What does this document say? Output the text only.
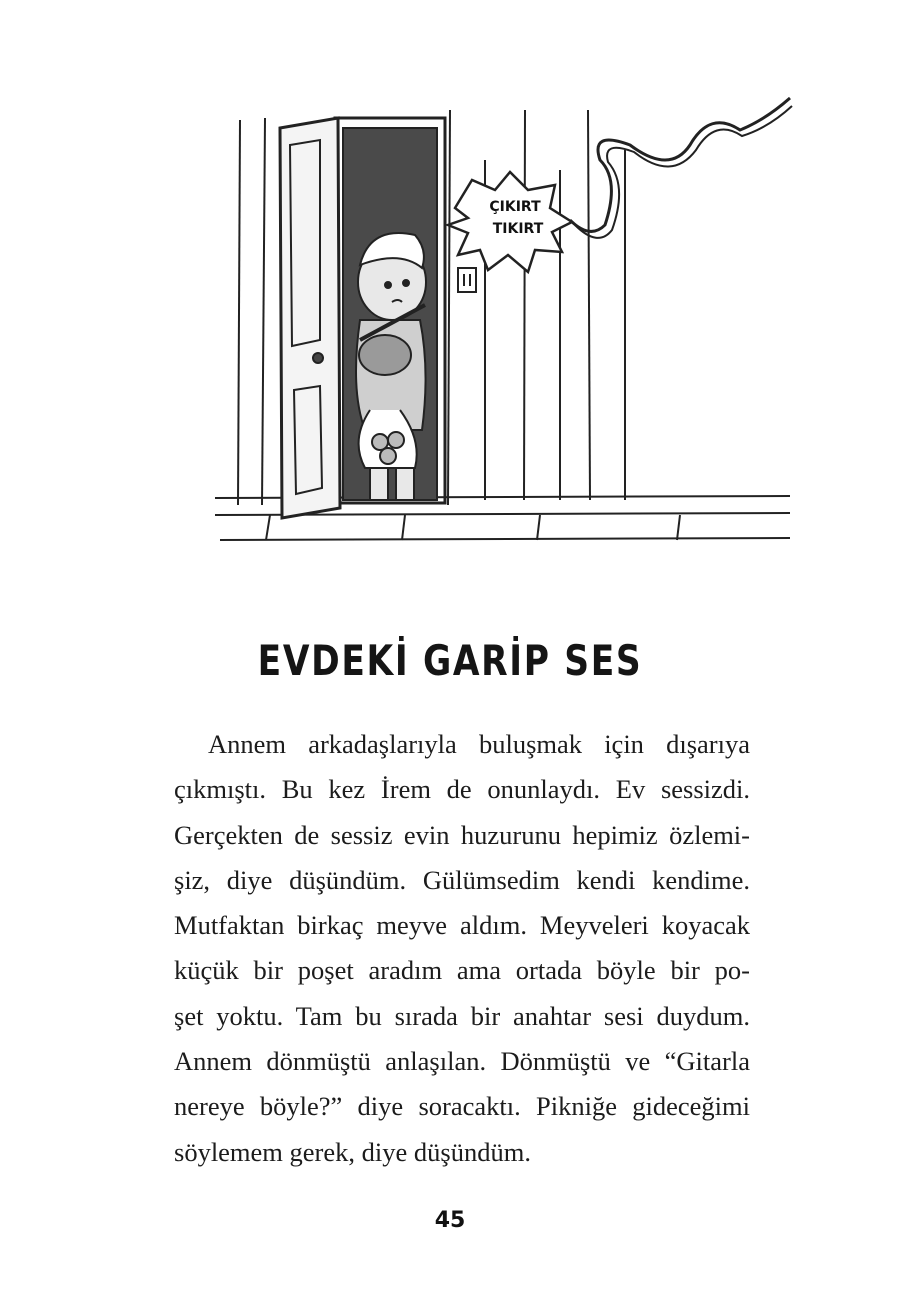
ÇIKIRT
TIKIRT
EVDEKİ GARİP SES
Annem arkadaşlarıyla buluşmak için dışarıya
çıkmıştı. Bu kez İrem de onunlaydı. Ev sessizdi.
Gerçekten de sessiz evin huzurunu hepimiz özlemi-
şiz, diye düşündüm. Gülümsedim kendi kendime.
Mutfaktan birkaç meyve aldım. Meyveleri koyacak
küçük bir poşet aradım ama ortada böyle bir po-
şet yoktu. Tam bu sırada bir anahtar sesi duydum.
Annem dönmüştü anlaşılan. Dönmüştü ve “Gitarla
nereye böyle?” diye soracaktı. Pikniğe gideceğimi
söylemem gerek, diye düşündüm.
45
